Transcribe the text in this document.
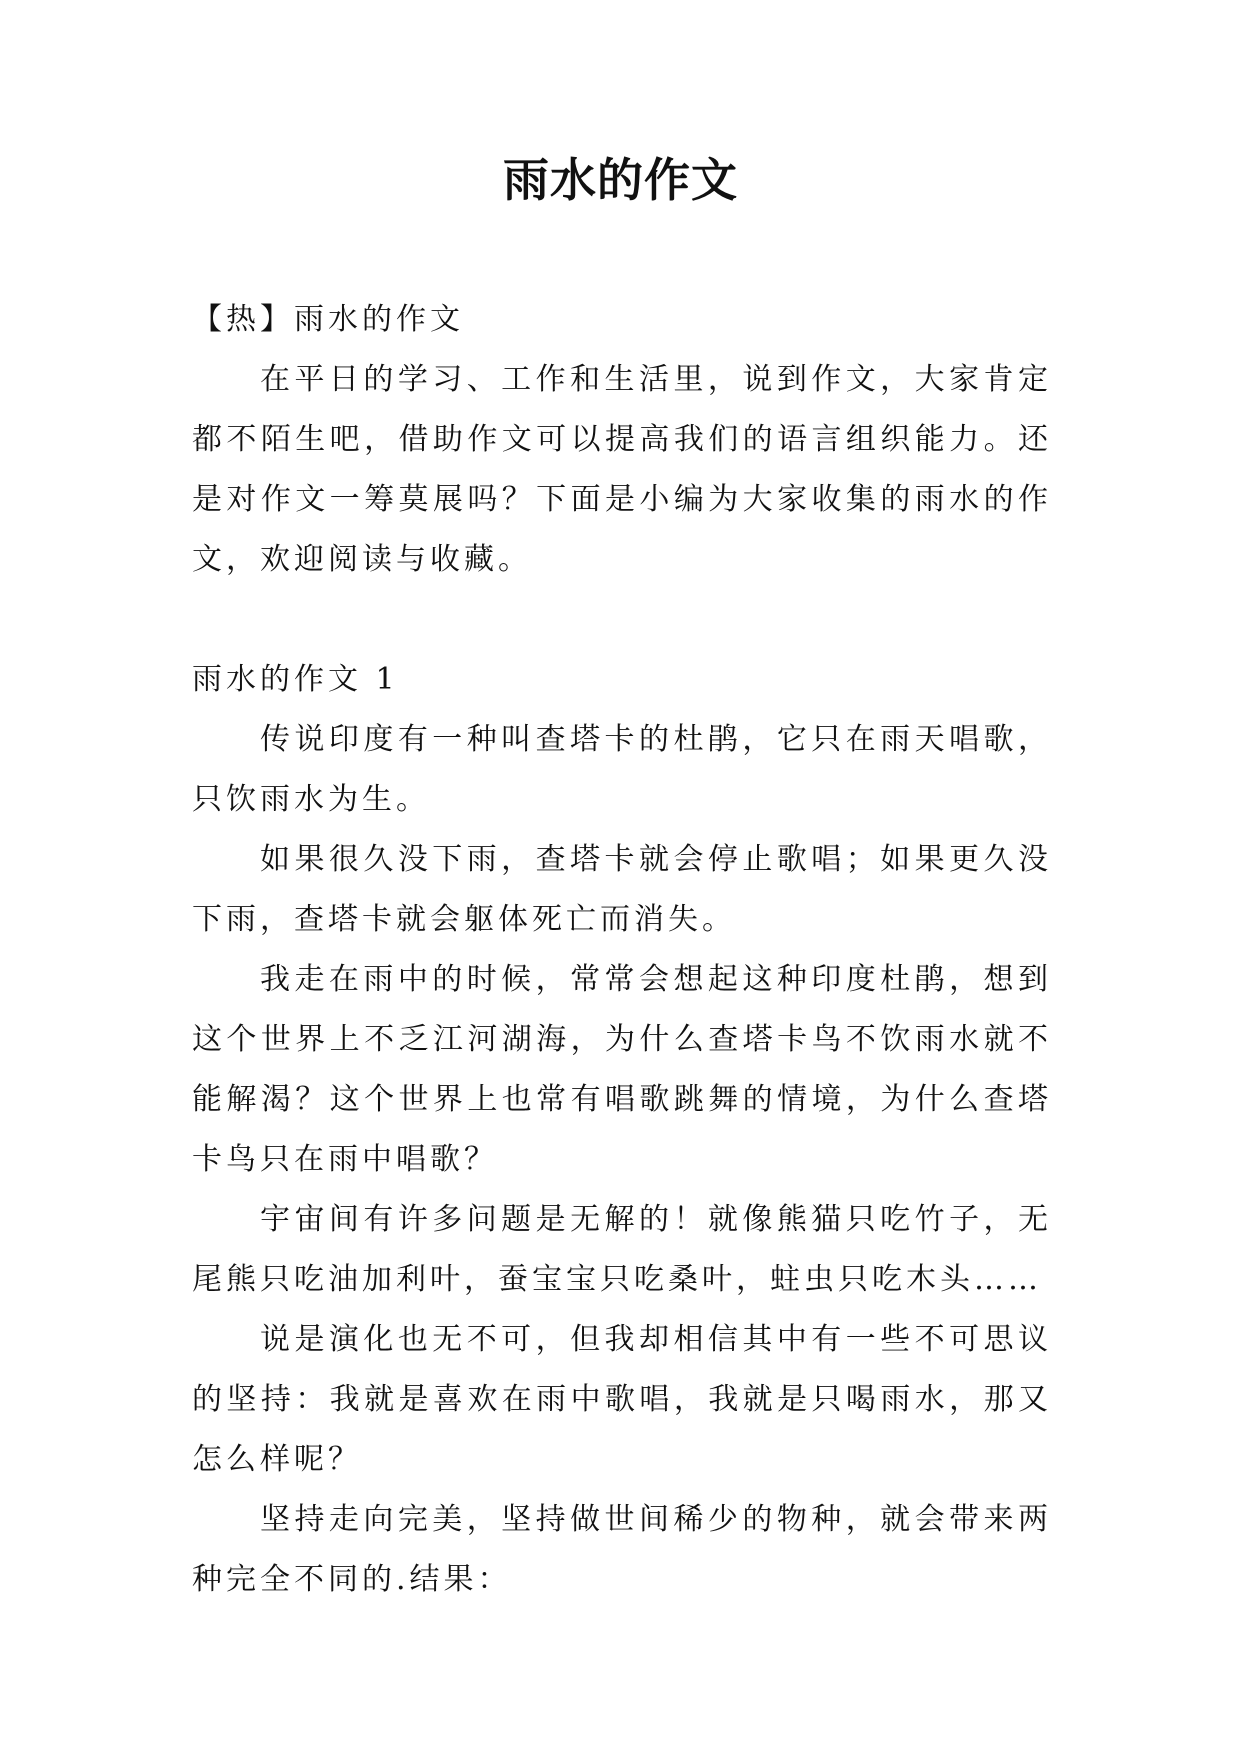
雨水的作文

【热】雨水的作文

在平日的学习、工作和生活里，说到作文，大家肯定都不陌生吧，借助作文可以提高我们的语言组织能力。还是对作文一筹莫展吗？下面是小编为大家收集的雨水的作文，欢迎阅读与收藏。

雨水的作文 1

传说印度有一种叫查塔卡的杜鹃，它只在雨天唱歌，只饮雨水为生。

如果很久没下雨，查塔卡就会停止歌唱；如果更久没下雨，查塔卡就会躯体死亡而消失。

我走在雨中的时候，常常会想起这种印度杜鹃，想到这个世界上不乏江河湖海，为什么查塔卡鸟不饮雨水就不能解渴？这个世界上也常有唱歌跳舞的情境，为什么查塔卡鸟只在雨中唱歌？

宇宙间有许多问题是无解的！就像熊猫只吃竹子，无尾熊只吃油加利叶，蚕宝宝只吃桑叶，蛀虫只吃木头……

说是演化也无不可，但我却相信其中有一些不可思议的坚持：我就是喜欢在雨中歌唱，我就是只喝雨水，那又怎么样呢？

坚持走向完美，坚持做世间稀少的物种，就会带来两种完全不同的.结果：
